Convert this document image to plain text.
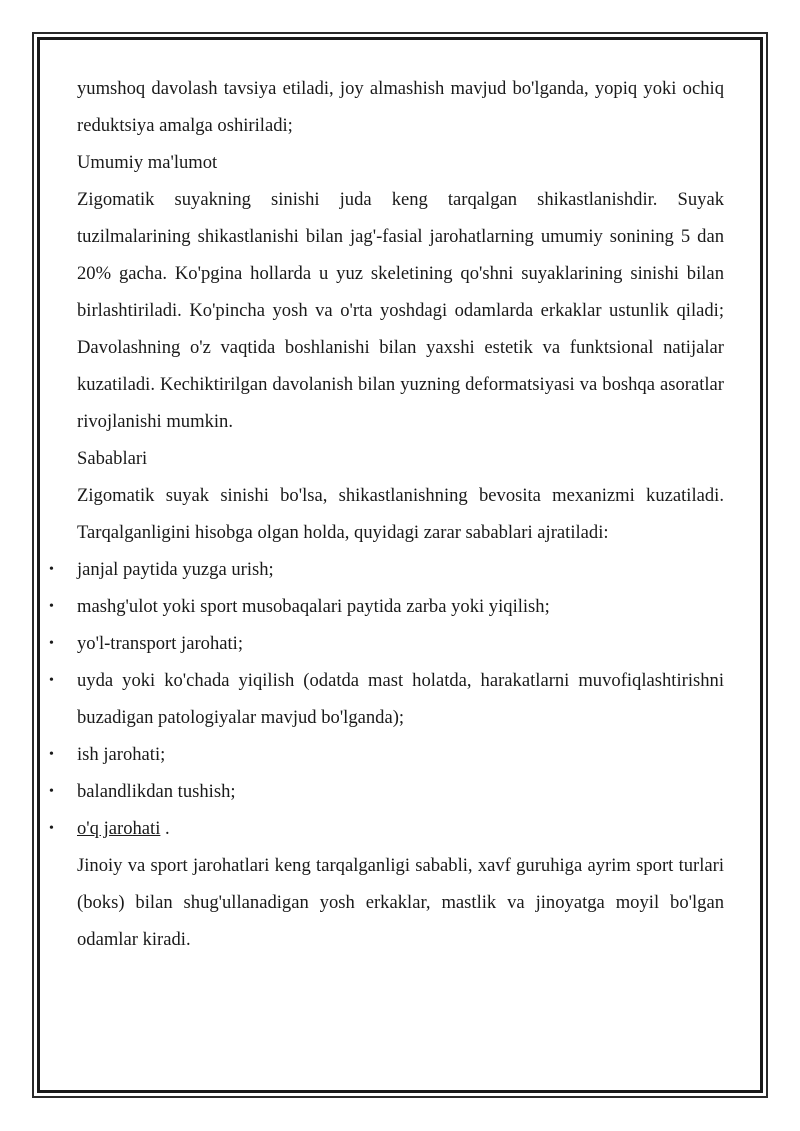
yumshoq davolash tavsiya etiladi, joy almashish mavjud bo'lganda, yopiq yoki ochiq reduktsiya amalga oshiriladi;

Umumiy ma'lumot

Zigomatik suyakning sinishi juda keng tarqalgan shikastlanishdir. Suyak tuzilmalarining shikastlanishi bilan jag'-fasial jarohatlarning umumiy sonining 5 dan 20% gacha. Ko'pgina hollarda u yuz skeletining qo'shni suyaklarining sinishi bilan birlashtiriladi. Ko'pincha yosh va o'rta yoshdagi odamlarda erkaklar ustunlik qiladi; Davolashning o'z vaqtida boshlanishi bilan yaxshi estetik va funktsional natijalar kuzatiladi. Kechiktirilgan davolanish bilan yuzning deformatsiyasi va boshqa asoratlar rivojlanishi mumkin.

Sabablari

Zigomatik suyak sinishi bo'lsa, shikastlanishning bevosita mexanizmi kuzatiladi. Tarqalganligini hisobga olgan holda, quyidagi zarar sabablari ajratiladi:

• janjal paytida yuzga urish;
• mashg'ulot yoki sport musobaqalari paytida zarba yoki yiqilish;
• yo'l-transport jarohati;
• uyda yoki ko'chada yiqilish (odatda mast holatda, harakatlarni muvofiqlashtirishni buzadigan patologiyalar mavjud bo'lganda);
• ish jarohati;
• balandlikdan tushish;
• o'q jarohati .

Jinoiy va sport jarohatlari keng tarqalganligi sababli, xavf guruhiga ayrim sport turlari (boks) bilan shug'ullanadigan yosh erkaklar, mastlik va jinoyatga moyil bo'lgan odamlar kiradi.
